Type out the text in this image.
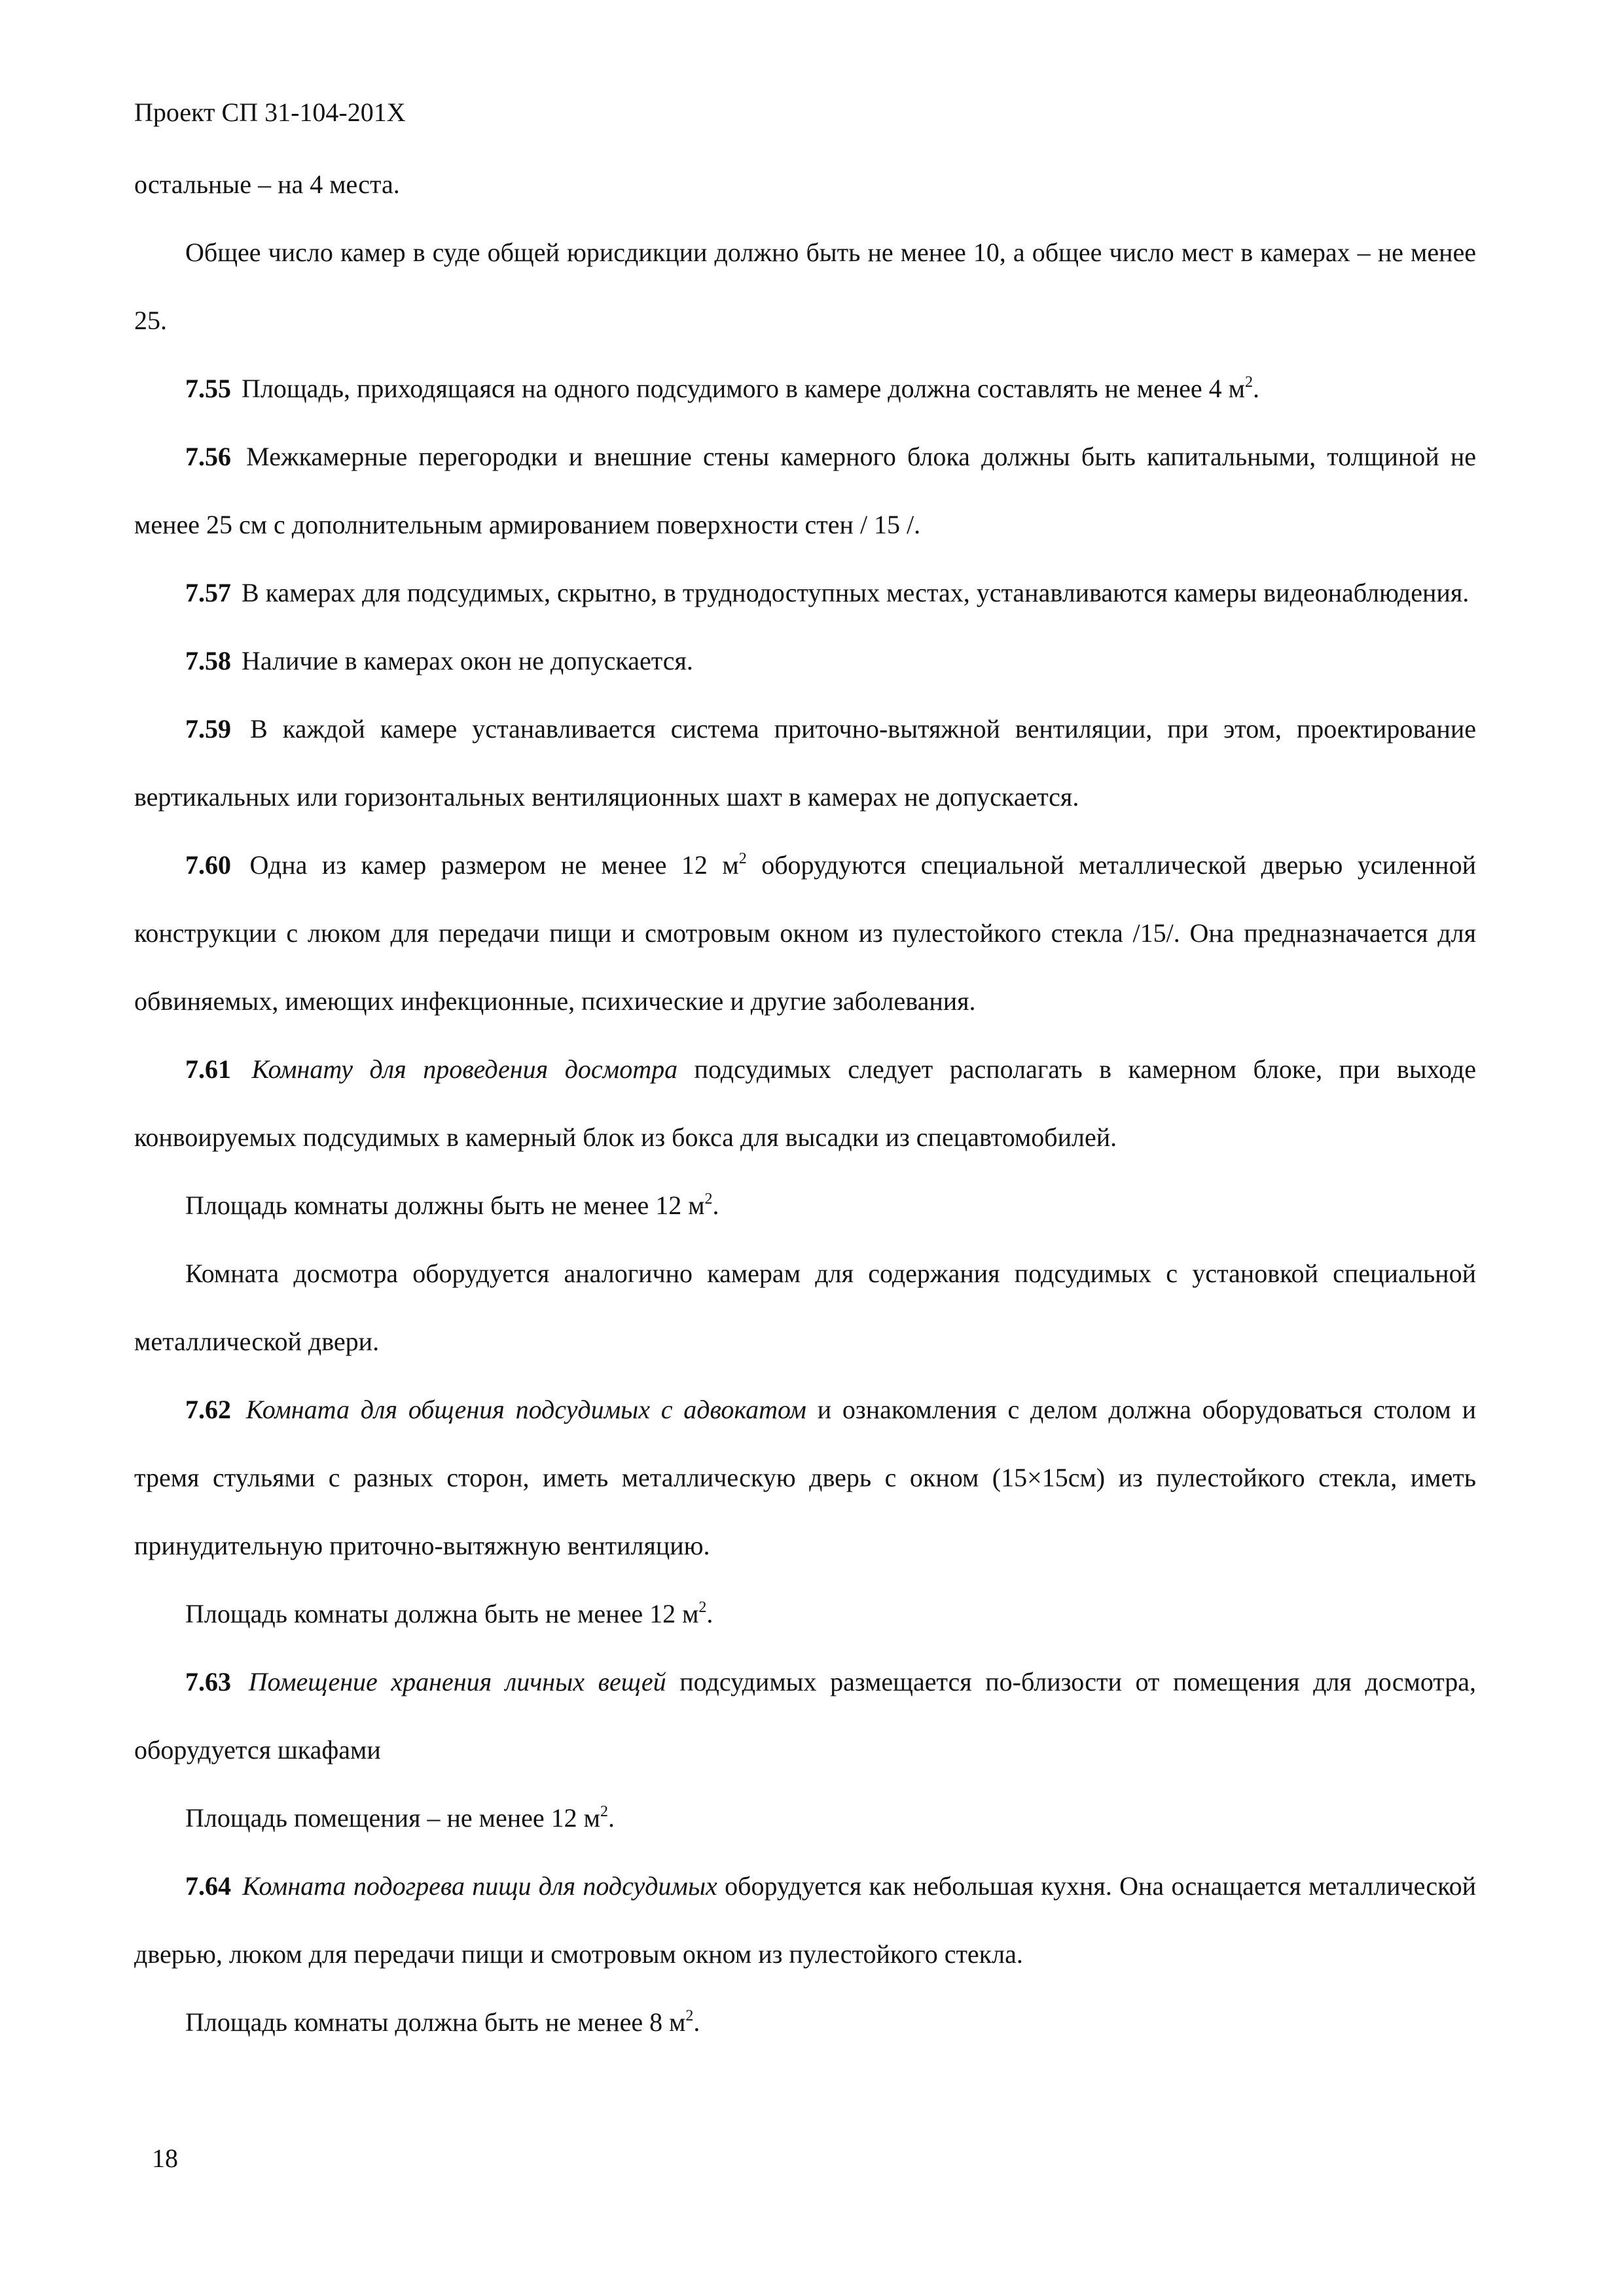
Проект СП 31-104-201Х

остальные – на 4 места.

Общее число камер в суде общей юрисдикции должно быть не менее 10, а общее число мест в камерах – не менее 25.

7.55 Площадь, приходящаяся на одного подсудимого в камере должна составлять не менее 4 $м^2$.

7.56 Межкамерные перегородки и внешние стены камерного блока должны быть капитальными, толщиной не менее 25 см с дополнительным армированием поверхности стен / 15 /.

7.57 В камерах для подсудимых, скрытно, в труднодоступных местах, устанавливаются камеры видеонаблюдения.

7.58 Наличие в камерах окон не допускается.

7.59 В каждой камере устанавливается система приточно-вытяжной вентиляции, при этом, проектирование вертикальных или горизонтальных вентиляционных шахт в камерах не допускается.

7.60 Одна из камер размером не менее 12 $м^2$ оборудуются специальной металлической дверью усиленной конструкции с люком для передачи пищи и смотровым окном из пулестойкого стекла /15/. Она предназначается для обвиняемых, имеющих инфекционные, психические и другие заболевания.

7.61 Комнату для проведения досмотра подсудимых следует располагать в камерном блоке, при выходе конвоируемых подсудимых в камерный блок из бокса для высадки из спецавтомобилей.

Площадь комнаты должны быть не менее 12 $м^2$.

Комната досмотра оборудуется аналогично камерам для содержания подсудимых с установкой специальной металлической двери.

7.62 Комната для общения подсудимых с адвокатом и ознакомления с делом должна оборудоваться столом и тремя стульями с разных сторон, иметь металлическую дверь с окном (15×15см) из пулестойкого стекла, иметь принудительную приточно-вытяжную вентиляцию.

Площадь комнаты должна быть не менее 12 $м^2$.

7.63 Помещение хранения личных вещей подсудимых размещается по-близости от помещения для досмотра, оборудуется шкафами

Площадь помещения – не менее 12 $м^2$.

7.64 Комната подогрева пищи для подсудимых оборудуется как небольшая кухня. Она оснащается металлической дверью, люком для передачи пищи и смотровым окном из пулестойкого стекла.

Площадь комнаты должна быть не менее 8 $м^2$.

18
